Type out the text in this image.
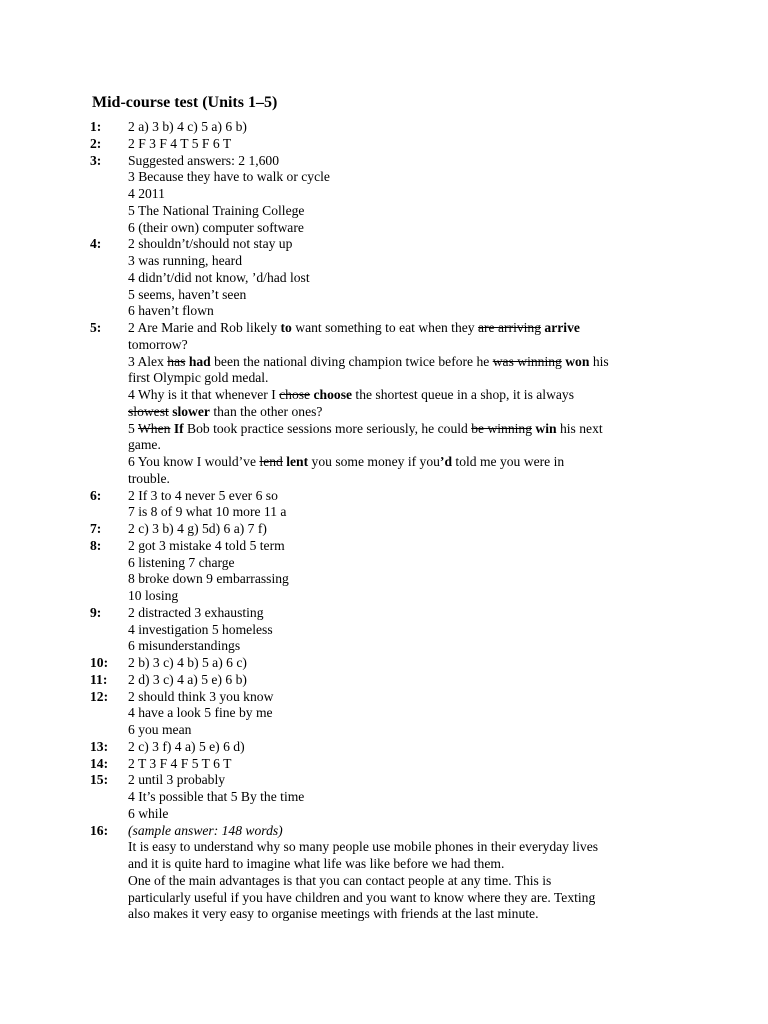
Mid-course test (Units 1–5)
1:	2 a) 3 b) 4 c) 5 a) 6 b)
2:	2 F 3 F 4 T 5 F 6 T
3:	Suggested answers: 2 1,600
3 Because they have to walk or cycle
4 2011
5 The National Training College
6 (their own) computer software
4:	2 shouldn’t/should not stay up
3 was running, heard
4 didn’t/did not know, ’d/had lost
5 seems, haven’t seen
6 haven’t flown
5:	2 Are Marie and Rob likely to want something to eat when they are arriving arrive
tomorrow?
3 Alex has had been the national diving champion twice before he was winning won his
first Olympic gold medal.
4 Why is it that whenever I chose choose the shortest queue in a shop, it is always
slowest slower than the other ones?
5 When If Bob took practice sessions more seriously, he could be winning win his next
game.
6 You know I would’ve lend lent you some money if you’d told me you were in
trouble.
6:	2 If 3 to 4 never 5 ever 6 so
7 is 8 of 9 what 10 more 11 a
7:	2 c) 3 b) 4 g) 5d) 6 a) 7 f)
8:	2 got 3 mistake 4 told 5 term
6 listening 7 charge
8 broke down 9 embarrassing
10 losing
9:	2 distracted 3 exhausting
4 investigation 5 homeless
6 misunderstandings
10:	2 b) 3 c) 4 b) 5 a) 6 c)
11:	2 d) 3 c) 4 a) 5 e) 6 b)
12:	2 should think 3 you know
4 have a look 5 fine by me
6 you mean
13:	2 c) 3 f) 4 a) 5 e) 6 d)
14:	2 T 3 F 4 F 5 T 6 T
15:	2 until 3 probably
4 It’s possible that 5 By the time
6 while
16:	(sample answer: 148 words)
It is easy to understand why so many people use mobile phones in their everyday lives
and it is quite hard to imagine what life was like before we had them.
One of the main advantages is that you can contact people at any time. This is
particularly useful if you have children and you want to know where they are. Texting
also makes it very easy to organise meetings with friends at the last minute.
